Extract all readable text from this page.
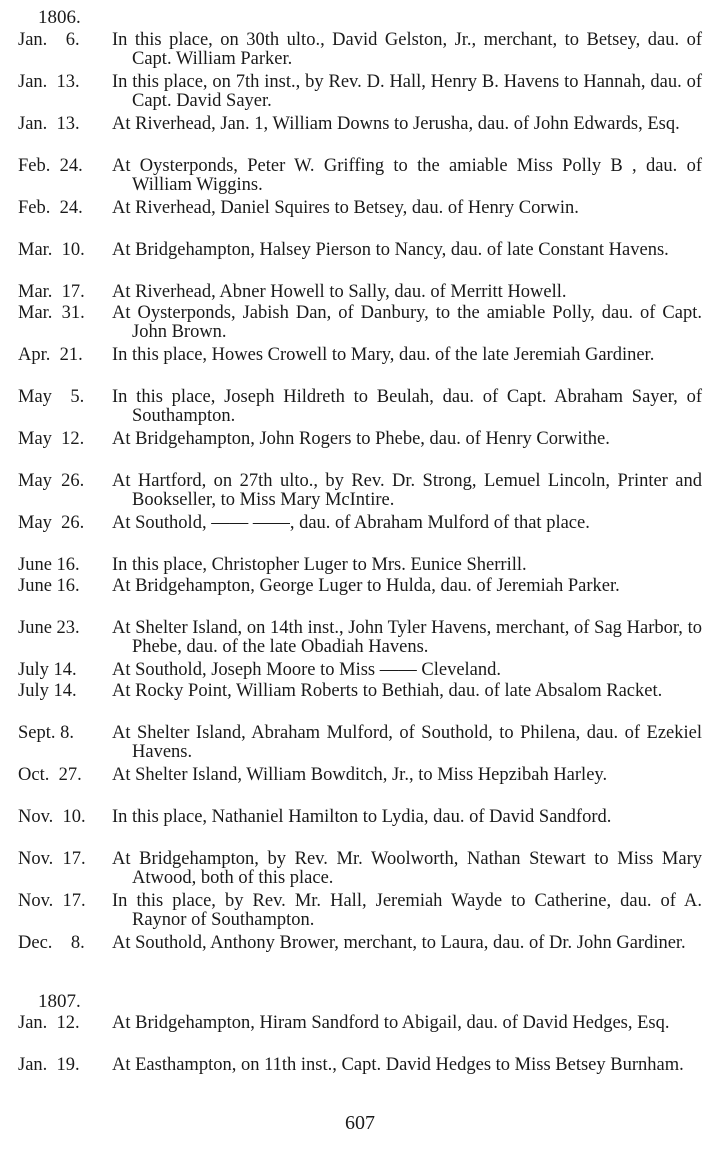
1806.
Jan.    6.	In this place, on 30th ulto., David Gelston, Jr., merchant, to Betsey, dau. of Capt. William Parker.
Jan.  13.	In this place, on 7th inst., by Rev. D. Hall, Henry B. Havens to Hannah, dau. of Capt. David Sayer.
Jan.  13.	At Riverhead, Jan. 1, William Downs to Jerusha, dau. of John Edwards, Esq.
Feb.  24.	At Oysterponds, Peter W. Griffing to the amiable Miss Polly B , dau. of William Wiggins.
Feb.  24.	At Riverhead, Daniel Squires to Betsey, dau. of Henry Corwin.
Mar.  10.	At Bridgehampton, Halsey Pierson to Nancy, dau. of late Constant Havens.
Mar.  17.	At Riverhead, Abner Howell to Sally, dau. of Merritt Howell.
Mar.  31.	At Oysterponds, Jabish Dan, of Danbury, to the amiable Polly, dau. of Capt. John Brown.
Apr.  21.	In this place, Howes Crowell to Mary, dau. of the late Jeremiah Gardiner.
May    5.	In this place, Joseph Hildreth to Beulah, dau. of Capt. Abraham Sayer, of Southampton.
May  12.	At Bridgehampton, John Rogers to Phebe, dau. of Henry Corwithe.
May  26.	At Hartford, on 27th ulto., by Rev. Dr. Strong, Lemuel Lincoln, Printer and Bookseller, to Miss Mary McIntire.
May  26.	At Southold, —— ——, dau. of Abraham Mulford of that place.
June 16.	In this place, Christopher Luger to Mrs. Eunice Sherrill.
June 16.	At Bridgehampton, George Luger to Hulda, dau. of Jeremiah Parker.
June 23.	At Shelter Island, on 14th inst., John Tyler Havens, merchant, of Sag Harbor, to Phebe, dau. of the late Obadiah Havens.
July 14.	At Southold, Joseph Moore to Miss —— Cleveland.
July 14.	At Rocky Point, William Roberts to Bethiah, dau. of late Absalom Racket.
Sept. 8.	At Shelter Island, Abraham Mulford, of Southold, to Philena, dau. of Ezekiel Havens.
Oct.  27.	At Shelter Island, William Bowditch, Jr., to Miss Hepzibah Harley.
Nov.  10.	In this place, Nathaniel Hamilton to Lydia, dau. of David Sandford.
Nov.  17.	At Bridgehampton, by Rev. Mr. Woolworth, Nathan Stewart to Miss Mary Atwood, both of this place.
Nov.  17.	In this place, by Rev. Mr. Hall, Jeremiah Wayde to Catherine, dau. of A. Raynor of Southampton.
Dec.    8.	At Southold, Anthony Brower, merchant, to Laura, dau. of Dr. John Gardiner.
1807.
Jan.  12.	At Bridgehampton, Hiram Sandford to Abigail, dau. of David Hedges, Esq.
Jan.  19.	At Easthampton, on 11th inst., Capt. David Hedges to Miss Betsey Burnham.
607
